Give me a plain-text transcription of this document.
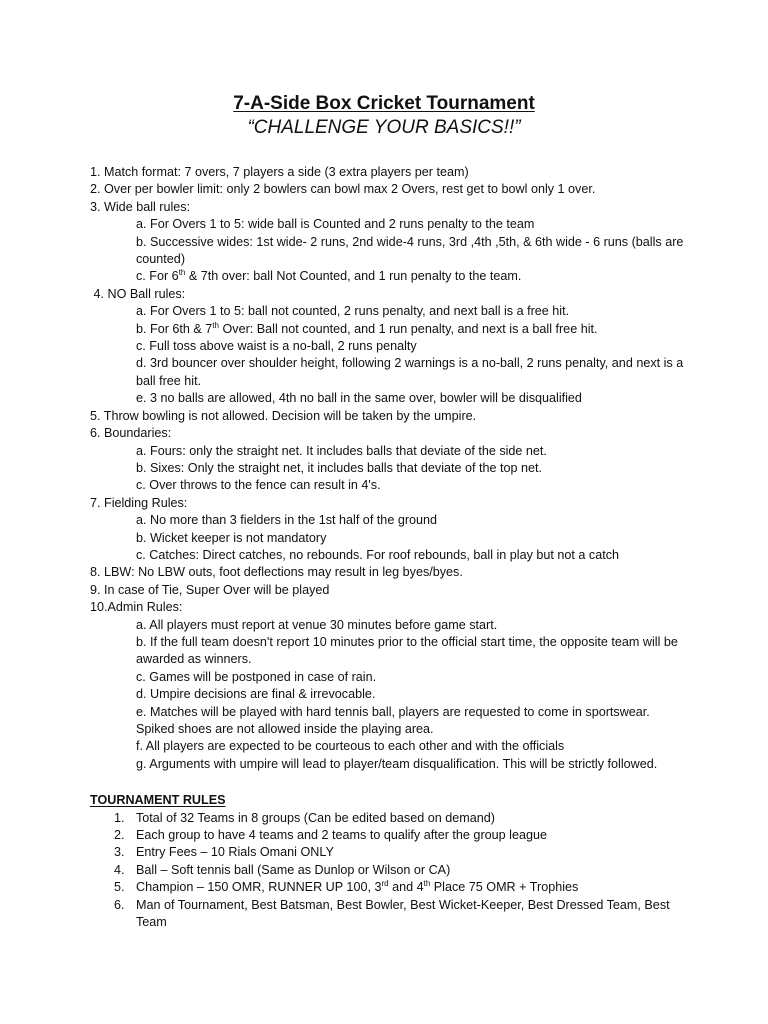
7-A-Side Box Cricket Tournament
“CHALLENGE YOUR BASICS!!”

1. Match format: 7 overs, 7 players a side (3 extra players per team)

2. Over per bowler limit: only 2 bowlers can bowl max 2 Overs, rest get to bowl only 1 over.

3. Wide ball rules:

a. For Overs 1 to 5: wide ball is Counted and 2 runs penalty to the team

b. Successive wides: 1st wide- 2 runs, 2nd wide-4 runs, 3rd ,4th ,5th, & 6th wide - 6 runs (balls are counted)

c. For 6th & 7th over: ball Not Counted, and 1 run penalty to the team.

4. NO Ball rules:

a. For Overs 1 to 5: ball not counted, 2 runs penalty, and next ball is a free hit.

b. For 6th & 7th Over: Ball not counted, and 1 run penalty, and next is a ball free hit.

c. Full toss above waist is a no-ball, 2 runs penalty

d. 3rd bouncer over shoulder height, following 2 warnings is a no-ball, 2 runs penalty, and next is a ball free hit.

e. 3 no balls are allowed, 4th no ball in the same over, bowler will be disqualified

5. Throw bowling is not allowed. Decision will be taken by the umpire.

6. Boundaries:

a. Fours: only the straight net. It includes balls that deviate of the side net.

b. Sixes: Only the straight net, it includes balls that deviate of the top net.

c. Over throws to the fence can result in 4's.

7. Fielding Rules:

a. No more than 3 fielders in the 1st half of the ground

b. Wicket keeper is not mandatory

c. Catches: Direct catches, no rebounds. For roof rebounds, ball in play but not a catch

8. LBW: No LBW outs, foot deflections may result in leg byes/byes.

9. In case of Tie, Super Over will be played

10.Admin Rules:

a. All players must report at venue 30 minutes before game start.

b. If the full team doesn't report 10 minutes prior to the official start time, the opposite team will be awarded as winners.

c. Games will be postponed in case of rain.

d. Umpire decisions are final & irrevocable.

e. Matches will be played with hard tennis ball, players are requested to come in sportswear. Spiked shoes are not allowed inside the playing area.

f. All players are expected to be courteous to each other and with the officials

g. Arguments with umpire will lead to player/team disqualification. This will be strictly followed.

TOURNAMENT RULES

1. Total of 32 Teams in 8 groups (Can be edited based on demand)
2. Each group to have 4 teams and 2 teams to qualify after the group league
3. Entry Fees – 10 Rials Omani ONLY
4. Ball – Soft tennis ball (Same as Dunlop or Wilson or CA)
5. Champion – 150 OMR, RUNNER UP 100, 3rd and 4th Place 75 OMR + Trophies
6. Man of Tournament, Best Batsman, Best Bowler, Best Wicket-Keeper, Best Dressed Team, Best Team
